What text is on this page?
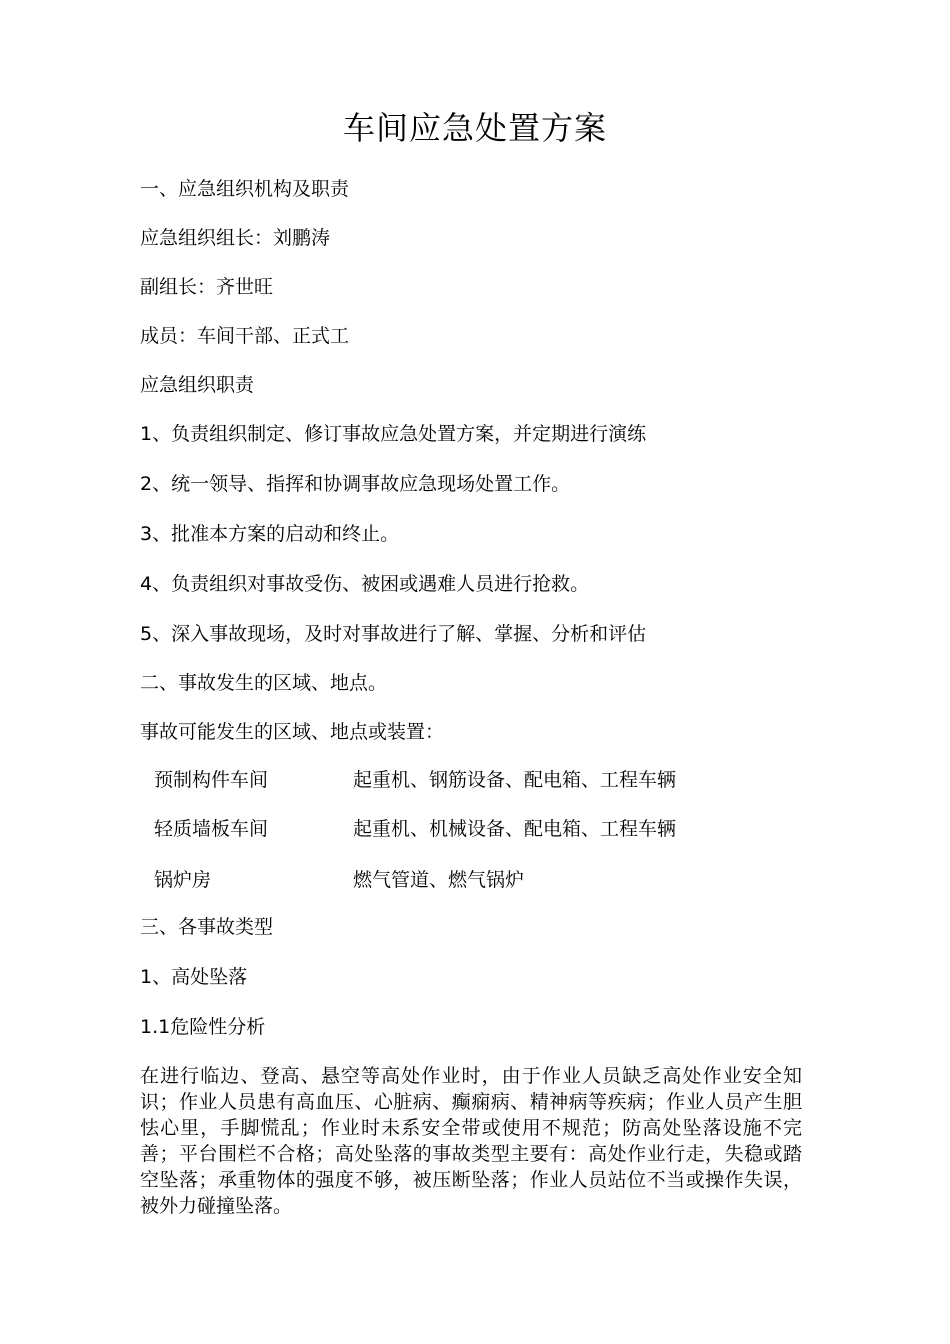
车间应急处置方案
一、应急组织机构及职责
应急组织组长：刘鹏涛
副组长：齐世旺
成员：车间干部、正式工
应急组织职责
1、负责组织制定、修订事故应急处置方案，并定期进行演练
2、统一领导、指挥和协调事故应急现场处置工作。
3、批准本方案的启动和终止。
4、负责组织对事故受伤、被困或遇难人员进行抢救。
5、深入事故现场，及时对事故进行了解、掌握、分析和评估
二、事故发生的区域、地点。
事故可能发生的区域、地点或装置：
预制构件车间	起重机、钢筋设备、配电箱、工程车辆
轻质墙板车间	起重机、机械设备、配电箱、工程车辆
锅炉房	燃气管道、燃气锅炉
三、各事故类型
1、高处坠落
1.1危险性分析
在进行临边、登高、悬空等高处作业时，由于作业人员缺乏高处作业安全知识；作业人员患有高血压、心脏病、癫痫病、精神病等疾病；作业人员产生胆怯心里，手脚慌乱；作业时未系安全带或使用不规范；防高处坠落设施不完善；平台围栏不合格；高处坠落的事故类型主要有：高处作业行走，失稳或踏空坠落；承重物体的强度不够，被压断坠落；作业人员站位不当或操作失误，被外力碰撞坠落。
